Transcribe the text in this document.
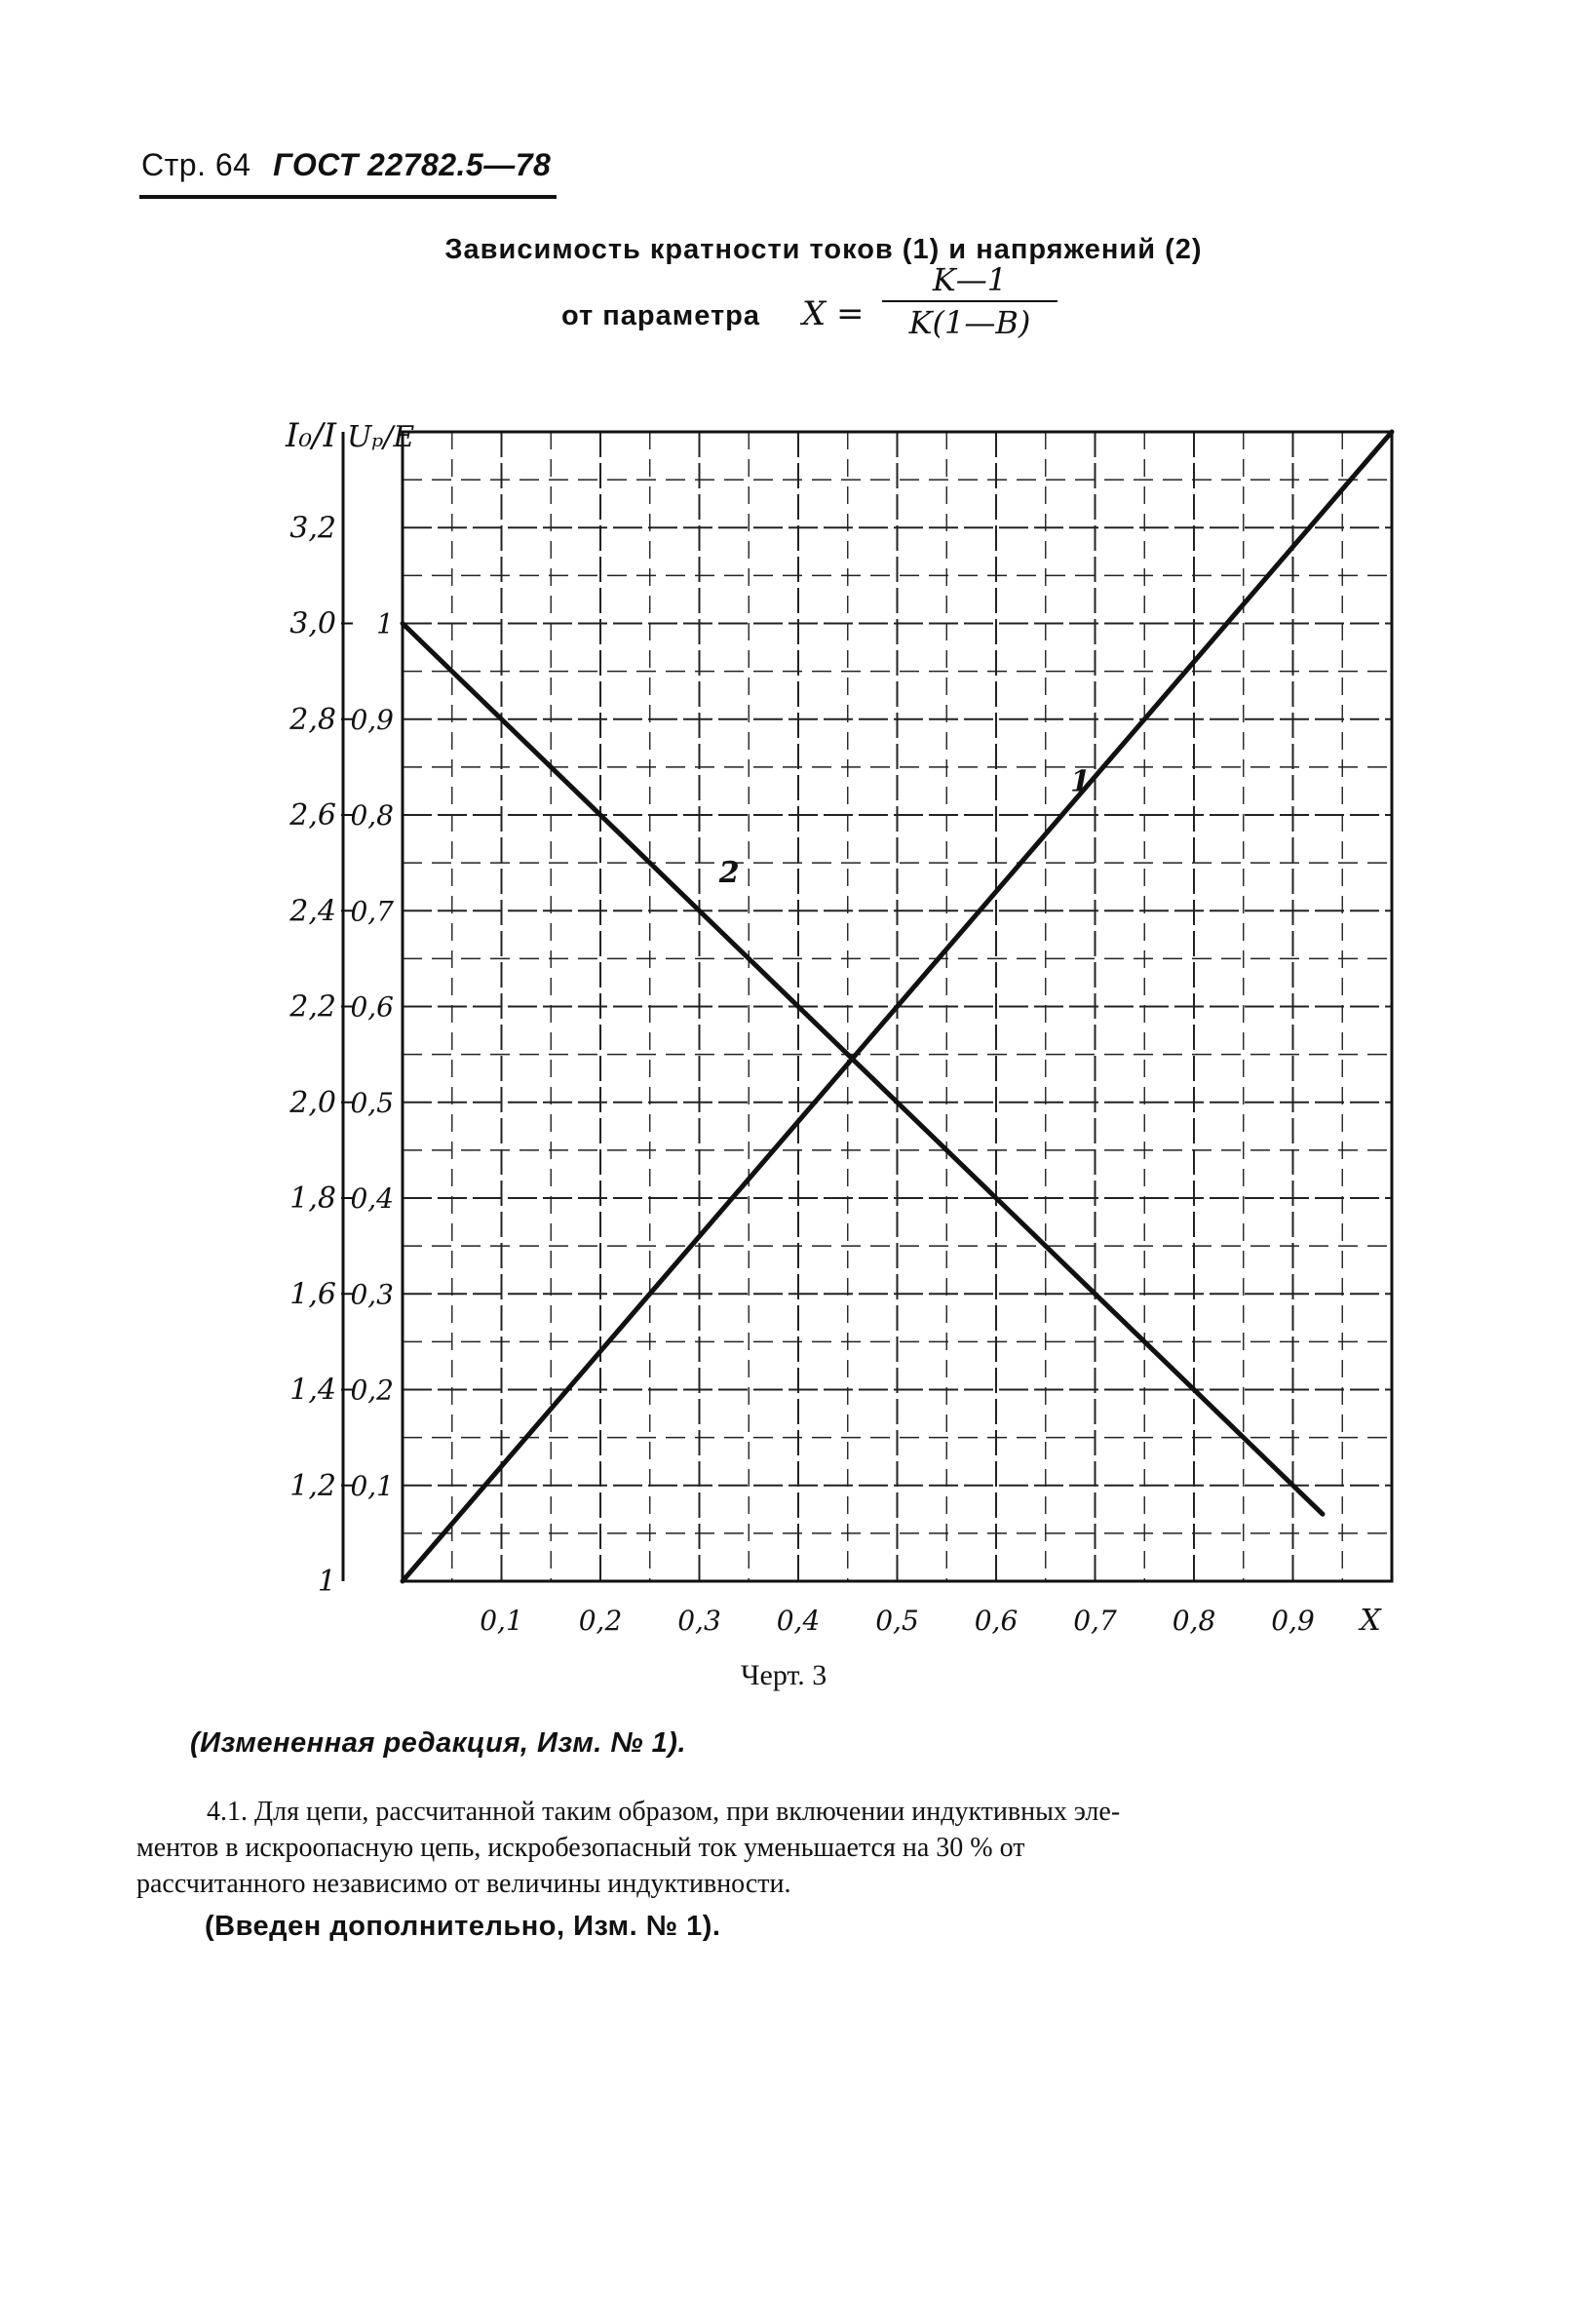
Стр. 64 ГОСТ 22782.5—78
Зависимость кратности токов (1) и напряжений (2)
от параметра X =
K—1
K(1—B)
1
1,2
1,4
1,6
1,8
2,0
2,2
2,4
2,6
2,8
3,0
3,2
0,1
0,2
0,3
0,4
0,5
0,6
0,7
0,8
0,9
1
I₀/I Uₚ/E
0,1 0,2 0,3 0,4 0,5 0,6 0,7 0,8 0,9 X
1
2
Черт. 3
(Измененная редакция, Изм. № 1).
4.1. Для цепи, рассчитанной таким образом, при включении индуктивных эле-
ментов в искроопасную цепь, искробезопасный ток уменьшается на 30 % от
рассчитанного независимо от величины индуктивности.
(Введен дополнительно, Изм. № 1).
